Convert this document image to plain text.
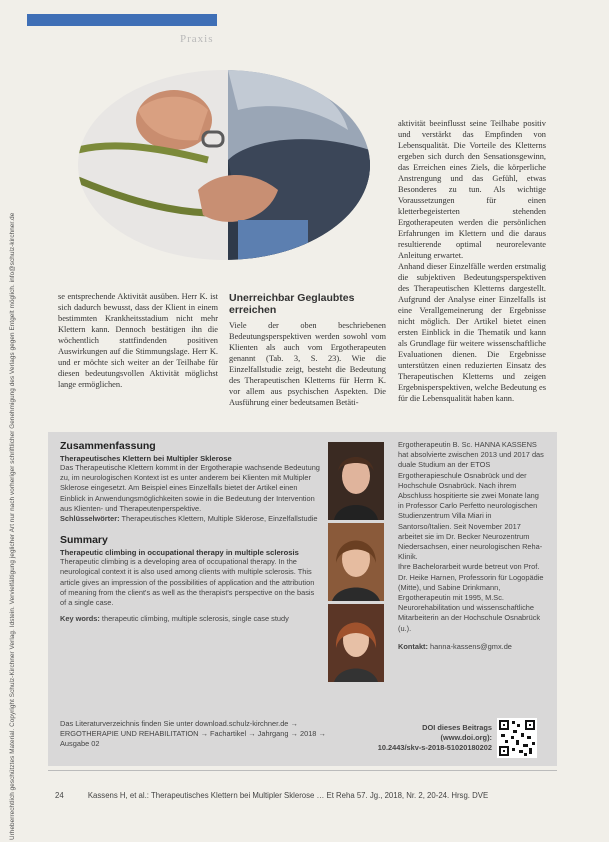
Urheberrechtlich geschütztes Material. Copyright Schulz-Kirchner Verlag. Idstein. Vervielfältigung jeglicher Art nur nach vorheriger schriftlicher Genehmigung des Verlags gegen Entgelt möglich. info@schulz-kirchner.de
Praxis

se entsprechende Aktivität ausüben. Herr K. ist sich dadurch bewusst, dass der Klient in einem bestimmten Krankheitsstadium nicht mehr Klettern kann. Dennoch bestätigen ihn die wöchentlich stattfindenden positiven Auswirkungen auf die Stimmungslage. Herr K. und er möchte sich weiter an der Teilhabe für diesen bedeutungsvollen Aktivität möglichst lange ermöglichen.

Unerreichbar Geglaubtes erreichen
Viele der oben beschriebenen Bedeutungsperspektiven werden sowohl vom Klienten als auch vom Ergotherapeuten genannt (Tab. 3, S. 23). Wie die Einzelfallstudie zeigt, besteht die Bedeutung des Therapeutischen Kletterns für Herrn K. vor allem aus psychischen Aspekten. Die Ausführung einer bedeutsamen Betäti-

aktivität beeinflusst seine Teilhabe positiv und verstärkt das Empfinden von Lebensqualität. Die Vorteile des Kletterns ergeben sich durch den Sensationsgewinn, das Erreichen eines Ziels, die körperliche Anstrengung und das Gefühl, etwas Besonderes zu tun. Als wichtige Voraussetzungen für einen kletterbegeisterten stehenden Ergotherapeuten werden die persönlichen Erfahrungen im Klettern und die daraus resultierende optimal neurorelevante Anleitung erwartet.

Anhand dieser Einzelfälle werden erstmalig die subjektiven Bedeutungsperspektiven des Therapeutischen Kletterns dargestellt. Aufgrund der Analyse einer Einzelfalls ist eine Verallgemeinerung der Ergebnisse nicht möglich. Der Artikel bietet einen ersten Einblick in die Thematik und kann als Grundlage für weitere wissenschaftliche Evaluationen dienen. Die Ergebnisse unterstützen einen reduzierten Einsatz des Therapeutischen Kletterns und zeigen Ergebnisperspektiven, welche Bedeutung es für die Lebensqualität haben kann.

Zusammenfassung
Therapeutisches Klettern bei Multipler Sklerose
Das Therapeutische Klettern kommt in der Ergotherapie wachsende Bedeutung zu, im neurologischen Kontext ist es unter anderem bei Klienten mit Multipler Sklerose eingesetzt. Am Beispiel eines Einzelfalls bietet der Artikel einen Einblick in Anwendungsmöglichkeiten sowie in die Bedeutung der Intervention aus Klienten- und Therapeutenperspektive.
Schlüsselwörter: Therapeutisches Klettern, Multiple Sklerose, Einzelfallstudie
Summary
Therapeutic climbing in occupational therapy in multiple sclerosis
Therapeutic climbing is a developing area of occupational therapy. In the neurological context it is also used among clients with multiple sclerosis. This article gives an impression of the possibilities of application and the attribution of meaning from the client's as well as the therapist's perspective on the basis of a single case.
Key words: therapeutic climbing, multiple sclerosis, single case study
Ergotherapeutin B. Sc. HANNA KASSENS hat absolvierte zwischen 2013 und 2017 das duale Studium an der ETOS Ergotherapieschule Osnabrück und der Hochschule Osnabrück. Nach ihrem Abschluss hospitierte sie zwei Monate lang in Professor Carlo Perfetto neurologischen Studienzentrum Villa Miari in Santorso/Italien. Seit November 2017 arbeitet sie im Dr. Becker Neurozentrum Niedersachsen, einer neurologischen Reha-Klinik.
Ihre Bachelorarbeit wurde betreut von Prof. Dr. Heike Harnen, Professorin für Logopädie (Mitte), und Sabine Drinkmann, Ergotherapeutin mit 1995, M.Sc. Neurorehabilitation und wissenschaftliche Mitarbeiterin an der Hochschule Osnabrück (u.).
Kontakt: hanna-kassens@gmx.de
Das Literaturverzeichnis finden Sie unter download.schulz-kirchner.de → ERGOTHERAPIE UND REHABILITATION → Fachartikel → Jahrgang → 2018 → Ausgabe 02
DOI dieses Beitrags (www.doi.org):
10.2443/skv-s-2018-51020180202
24	Kassens H, et al.: Therapeutisches Klettern bei Multipler Sklerose … Et Reha 57. Jg., 2018, Nr. 2, 20-24. Hrsg. DVE
